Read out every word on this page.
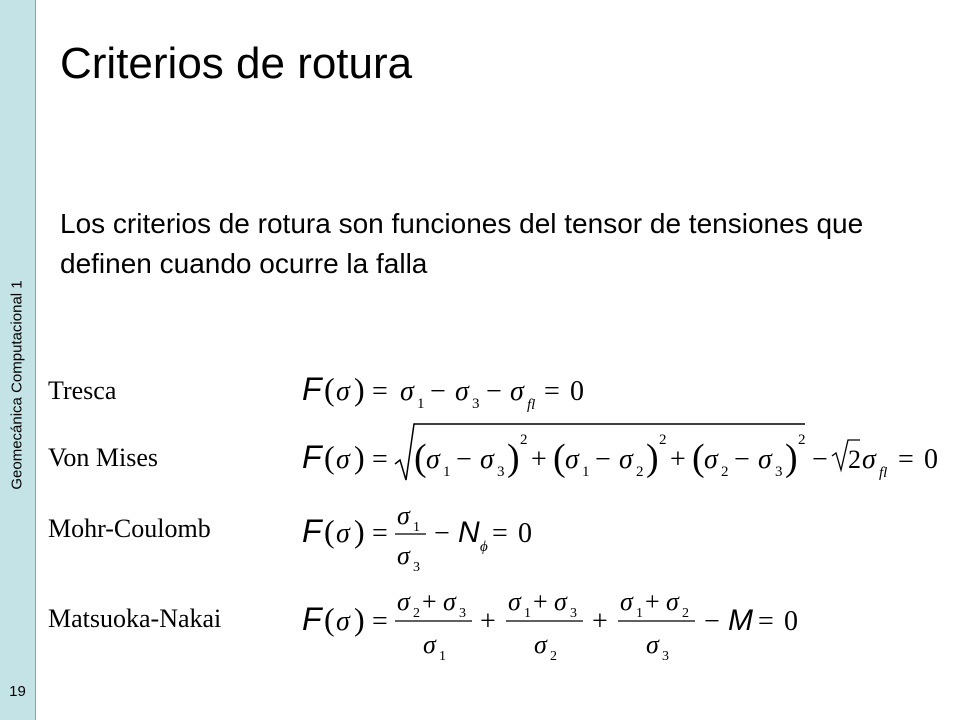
Geomecánica Computacional 1
19
Criterios de rotura
Los criterios de rotura son funciones del tensor de tensiones que definen cuando ocurre la falla
Tresca
Von Mises
Mohr-Coulomb
Matsuoka-Nakai
F ( σ ) = σ 1 − σ 3 − σ fl = 0
F ( σ ) = ( σ 1 − σ 3 ) 2
+ ( σ 1 − σ 2 ) 2
+ ( σ 2 − σ 3 ) 2
− 2 σ fl = 0
F ( σ ) =
σ 1
σ 3
− N ϕ = 0
F ( σ ) =
σ 2 + σ 3
σ 1
+
σ 1 + σ 3
σ 2
+
σ 1 + σ 2
σ 3
− M = 0
